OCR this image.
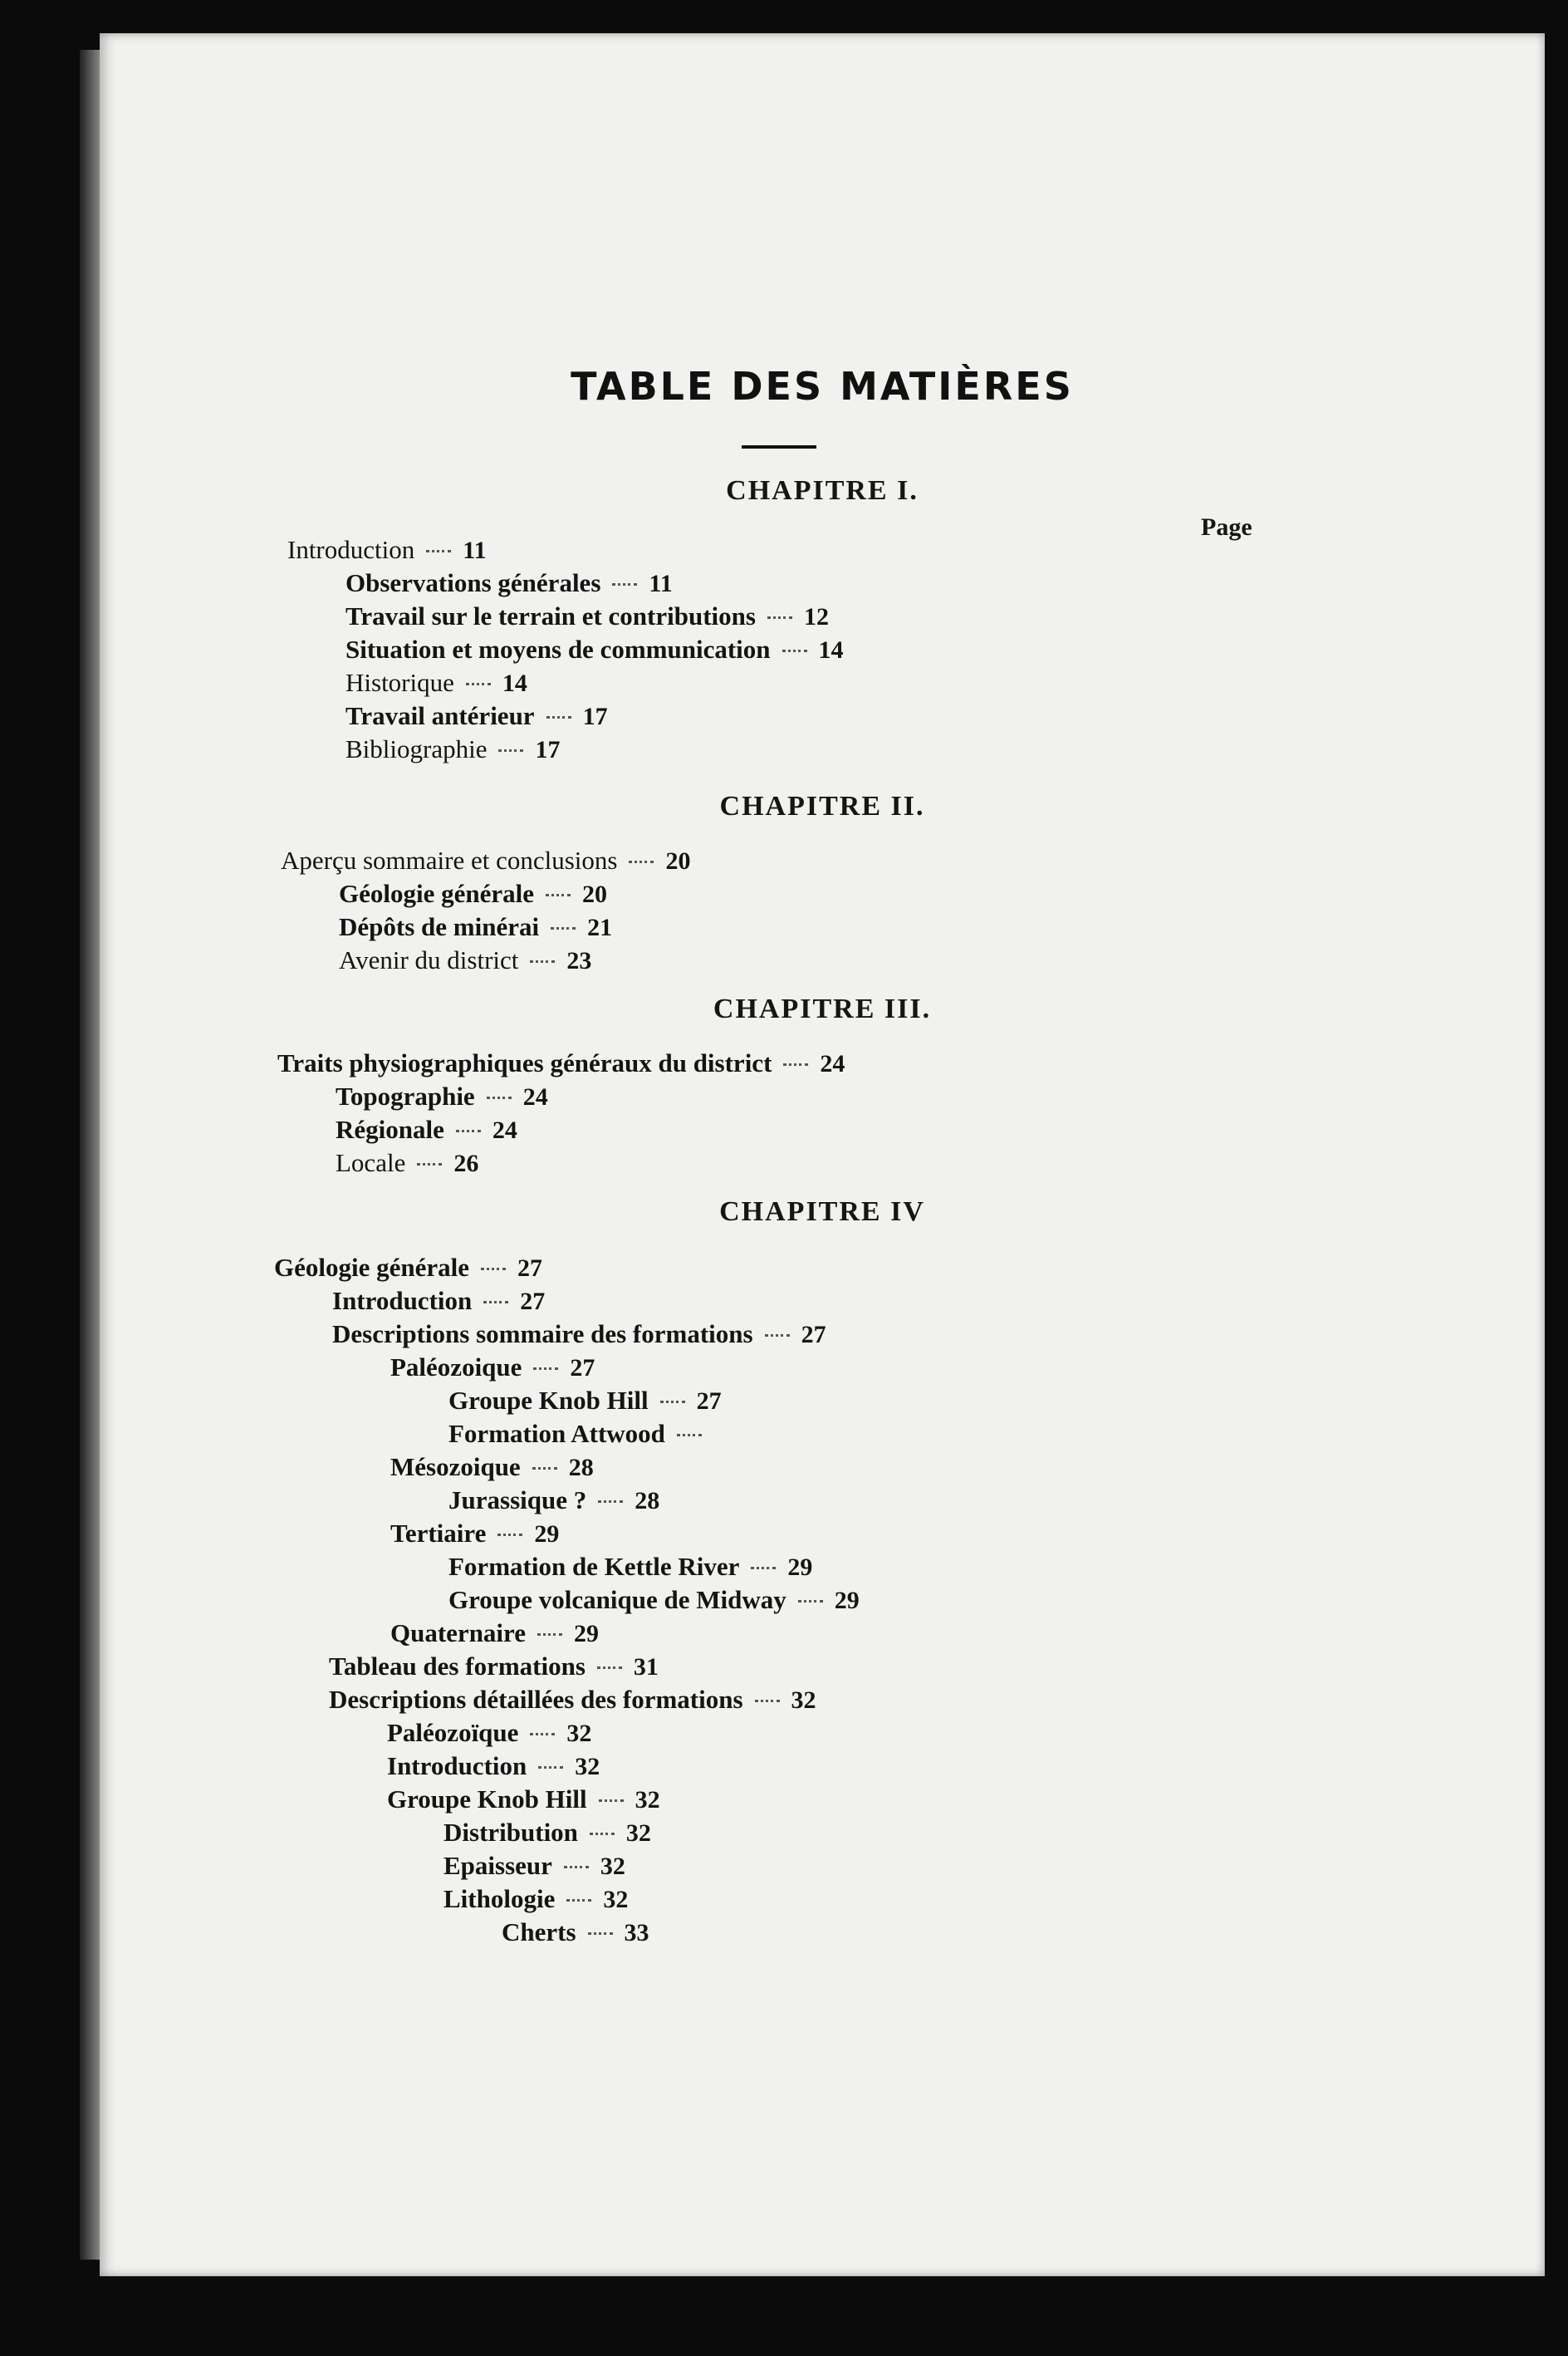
TABLE DES MATIÈRES
CHAPITRE I.
Page
Introduction 11
Observations générales 11
Travail sur le terrain et contributions 12
Situation et moyens de communication 14
Historique 14
Travail antérieur 17
Bibliographie 17
CHAPITRE II.
Aperçu sommaire et conclusions 20
Géologie générale 20
Dépôts de minérai 21
Avenir du district 23
CHAPITRE III.
Traits physiographiques généraux du district 24
Topographie 24
Régionale 24
Locale 26
CHAPITRE IV
Géologie générale 27
Introduction 27
Descriptions sommaire des formations 27
Paléozoique 27
Groupe Knob Hill 27
Formation Attwood
Mésozoique 28
Jurassique ? 28
Tertiaire 29
Formation de Kettle River 29
Groupe volcanique de Midway 29
Quaternaire 29
Tableau des formations 31
Descriptions détaillées des formations 32
Paléozoïque 32
Introduction 32
Groupe Knob Hill 32
Distribution 32
Epaisseur 32
Lithologie 32
Cherts 33
